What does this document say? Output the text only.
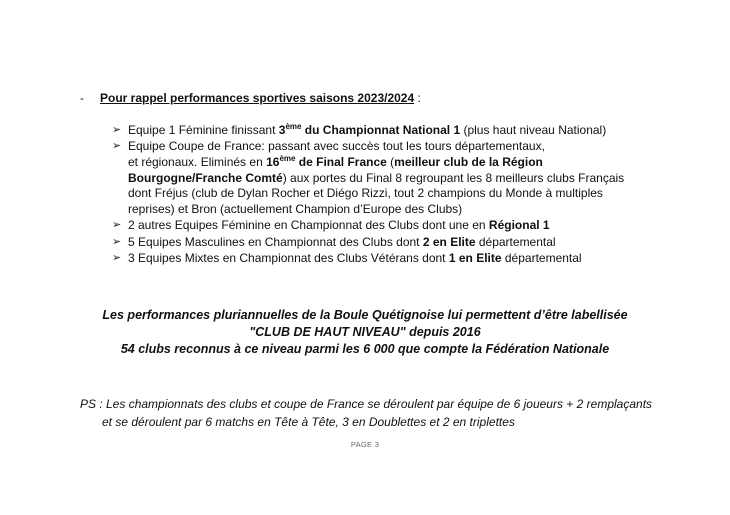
- Pour rappel performances sportives saisons 2023/2024 :
➢ Equipe 1 Féminine finissant 3ème du Championnat National 1 (plus haut niveau National)
➢ Equipe Coupe de France: passant avec succès tout les tours départementaux,
et régionaux. Eliminés en 16ème de Final France (meilleur club de la Région Bourgogne/Franche Comté) aux portes du Final 8 regroupant les 8 meilleurs clubs Français dont Fréjus (club de Dylan Rocher et Diégo Rizzi, tout 2 champions du Monde à multiples reprises) et Bron (actuellement Champion d’Europe des Clubs)
➢ 2 autres Equipes Féminine en Championnat des Clubs dont une en Régional 1
➢ 5 Equipes Masculines en Championnat des Clubs dont 2 en Elite départemental
➢ 3 Equipes Mixtes en Championnat des Clubs Vétérans dont 1 en Elite départemental
Les performances pluriannuelles de la Boule Quétignoise lui permettent d’être labellisée
"CLUB DE HAUT NIVEAU" depuis 2016
54 clubs reconnus à ce niveau parmi les 6 000 que compte la Fédération Nationale
PS : Les championnats des clubs et coupe de France se déroulent par équipe de 6 joueurs + 2 remplaçants
et se déroulent par 6 matchs en Tête à Tête, 3 en Doublettes et 2 en triplettes
PAGE 3
